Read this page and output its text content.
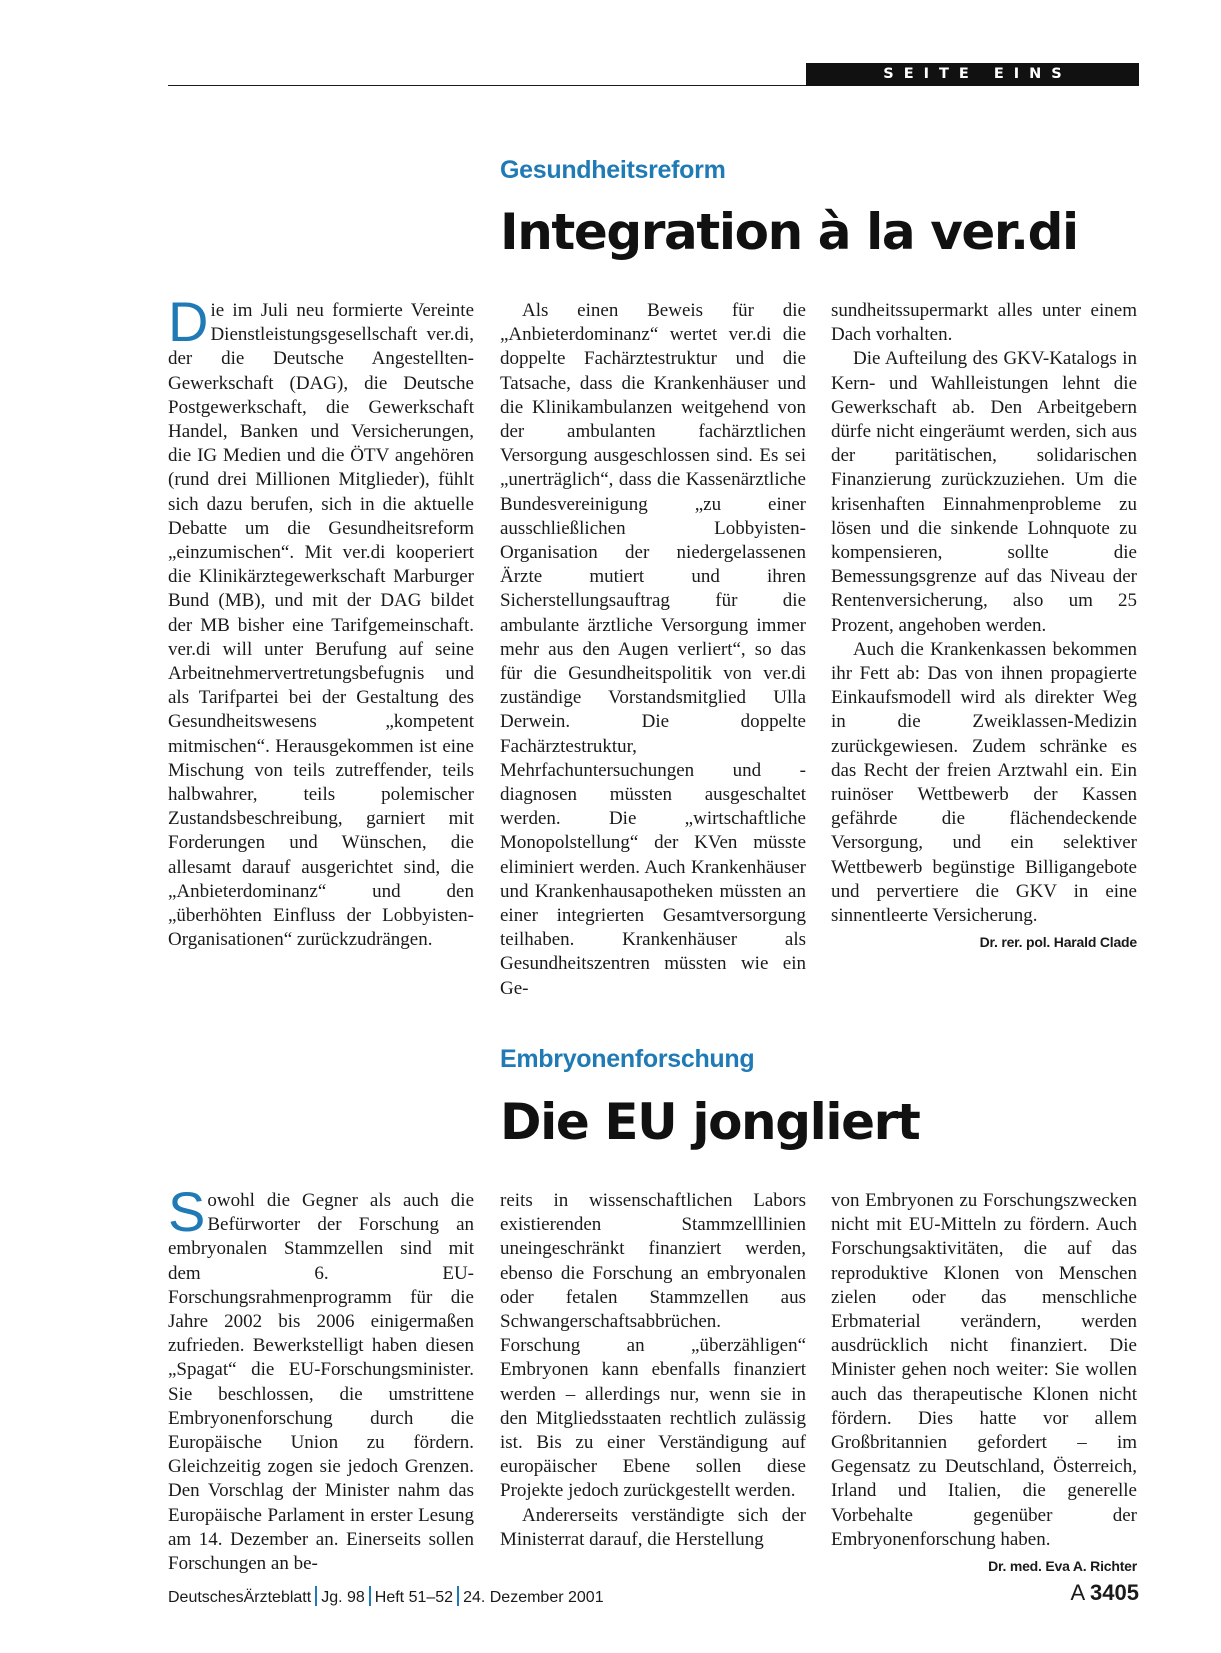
SEITE EINS
Gesundheitsreform
Integration à la ver.di

Die im Juli neu formierte Vereinte Dienstleistungsgesellschaft ver.di, der die Deutsche Angestellten-Gewerkschaft (DAG), die Deutsche Postgewerkschaft, die Gewerkschaft Handel, Banken und Versicherungen, die IG Medien und die ÖTV angehören (rund drei Millionen Mitglieder), fühlt sich dazu berufen, sich in die aktuelle Debatte um die Gesundheitsreform „einzumischen“. Mit ver.di kooperiert die Klinikärztegewerkschaft Marburger Bund (MB), und mit der DAG bildet der MB bisher eine Tarifgemeinschaft. ver.di will unter Berufung auf seine Arbeitnehmervertretungsbefugnis und als Tarifpartei bei der Gestaltung des Gesundheitswesens „kompetent mitmischen“. Herausgekommen ist eine Mischung von teils zutreffender, teils halbwahrer, teils polemischer Zustandsbeschreibung, garniert mit Forderungen und Wünschen, die allesamt darauf ausgerichtet sind, die „Anbieterdominanz“ und den „überhöhten Einfluss der Lobbyisten-Organisationen“ zurückzudrängen.

Als einen Beweis für die „Anbieterdominanz“ wertet ver.di die doppelte Fachärztestruktur und die Tatsache, dass die Krankenhäuser und die Klinikambulanzen weitgehend von der ambulanten fachärztlichen Versorgung ausgeschlossen sind. Es sei „unerträglich“, dass die Kassenärztliche Bundesvereinigung „zu einer ausschließlichen Lobbyisten-Organisation der niedergelassenen Ärzte mutiert und ihren Sicherstellungsauftrag für die ambulante ärztliche Versorgung immer mehr aus den Augen verliert“, so das für die Gesundheitspolitik von ver.di zuständige Vorstandsmitglied Ulla Derwein. Die doppelte Fachärztestruktur, Mehrfachuntersuchungen und -diagnosen müssten ausgeschaltet werden. Die „wirtschaftliche Monopolstellung“ der KVen müsste eliminiert werden. Auch Krankenhäuser und Krankenhausapotheken müssten an einer integrierten Gesamtversorgung teilhaben. Krankenhäuser als Gesundheitszentren müssten wie ein Ge-

sundheitssupermarkt alles unter einem Dach vorhalten.

Die Aufteilung des GKV-Katalogs in Kern- und Wahlleistungen lehnt die Gewerkschaft ab. Den Arbeitgebern dürfe nicht eingeräumt werden, sich aus der paritätischen, solidarischen Finanzierung zurückzuziehen. Um die krisenhaften Einnahmenprobleme zu lösen und die sinkende Lohnquote zu kompensieren, sollte die Bemessungsgrenze auf das Niveau der Rentenversicherung, also um 25 Prozent, angehoben werden.

Auch die Krankenkassen bekommen ihr Fett ab: Das von ihnen propagierte Einkaufsmodell wird als direkter Weg in die Zweiklassen-Medizin zurückgewiesen. Zudem schränke es das Recht der freien Arztwahl ein. Ein ruinöser Wettbewerb der Kassen gefährde die flächendeckende Versorgung, und ein selektiver Wettbewerb begünstige Billigangebote und pervertiere die GKV in eine sinnentleerte Versicherung.
Dr. rer. pol. Harald Clade

Embryonenforschung
Die EU jongliert

Sowohl die Gegner als auch die Befürworter der Forschung an embryonalen Stammzellen sind mit dem 6. EU-Forschungsrahmenprogramm für die Jahre 2002 bis 2006 einigermaßen zufrieden. Bewerkstelligt haben diesen „Spagat“ die EU-Forschungsminister. Sie beschlossen, die umstrittene Embryonenforschung durch die Europäische Union zu fördern. Gleichzeitig zogen sie jedoch Grenzen. Den Vorschlag der Minister nahm das Europäische Parlament in erster Lesung am 14. Dezember an. Einerseits sollen Forschungen an be-

reits in wissenschaftlichen Labors existierenden Stammzelllinien uneingeschränkt finanziert werden, ebenso die Forschung an embryonalen oder fetalen Stammzellen aus Schwangerschaftsabbrüchen. Forschung an „überzähligen“ Embryonen kann ebenfalls finanziert werden – allerdings nur, wenn sie in den Mitgliedsstaaten rechtlich zulässig ist. Bis zu einer Verständigung auf europäischer Ebene sollen diese Projekte jedoch zurückgestellt werden.

Andererseits verständigte sich der Ministerrat darauf, die Herstellung

von Embryonen zu Forschungszwecken nicht mit EU-Mitteln zu fördern. Auch Forschungsaktivitäten, die auf das reproduktive Klonen von Menschen zielen oder das menschliche Erbmaterial verändern, werden ausdrücklich nicht finanziert. Die Minister gehen noch weiter: Sie wollen auch das therapeutische Klonen nicht fördern. Dies hatte vor allem Großbritannien gefordert – im Gegensatz zu Deutschland, Österreich, Irland und Italien, die generelle Vorbehalte gegenüber der Embryonenforschung haben.
Dr. med. Eva A. Richter

DeutschesÄrzteblatt Jg. 98 Heft 51–52 24. Dezember 2001	A 3405
